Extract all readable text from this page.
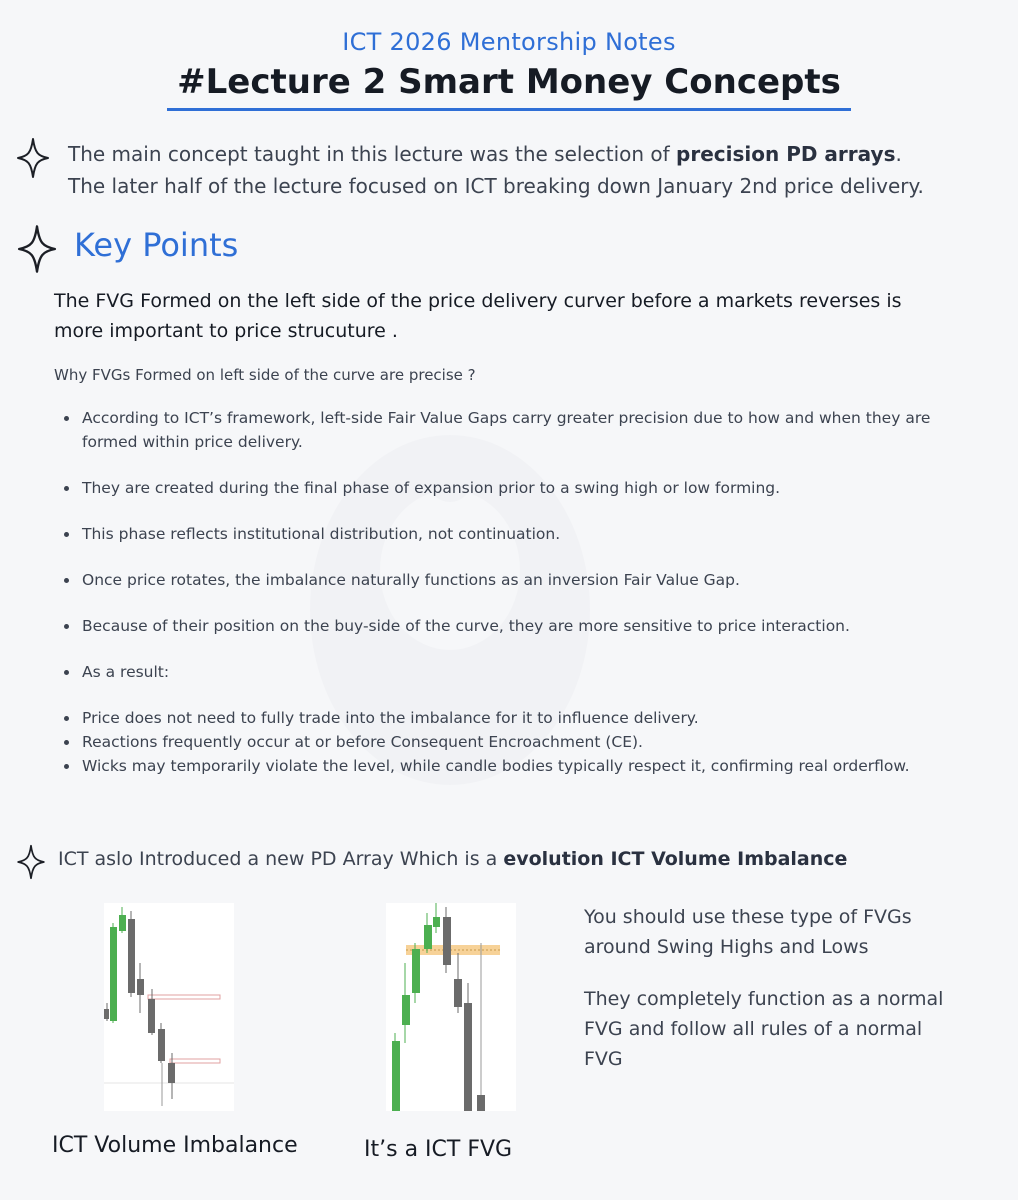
ICT 2026 Mentorship Notes
#Lecture 2 Smart Money Concepts
The main concept taught in this lecture was the selection of precision PD arrays.
The later half of the lecture focused on ICT breaking down January 2nd price delivery.
Key Points
The FVG Formed on the left side of the price delivery curver before a markets reverses is more important to price strucuture .
Why FVGs Formed on left side of the curve are precise ?
According to ICT’s framework, left-side Fair Value Gaps carry greater precision due to how and when they are formed within price delivery.
They are created during the final phase of expansion prior to a swing high or low forming.
This phase reflects institutional distribution, not continuation.
Once price rotates, the imbalance naturally functions as an inversion Fair Value Gap.
Because of their position on the buy-side of the curve, they are more sensitive to price interaction.
As a result:
Price does not need to fully trade into the imbalance for it to influence delivery.
Reactions frequently occur at or before Consequent Encroachment (CE).
Wicks may temporarily violate the level, while candle bodies typically respect it, confirming real orderflow.
ICT aslo Introduced a new PD Array Which is a evolution ICT Volume Imbalance
ICT Volume Imbalance	It’s a ICT FVG

You should use these type of FVGs around Swing Highs and Lows

They completely function as a normal FVG and follow all rules of a normal FVG
